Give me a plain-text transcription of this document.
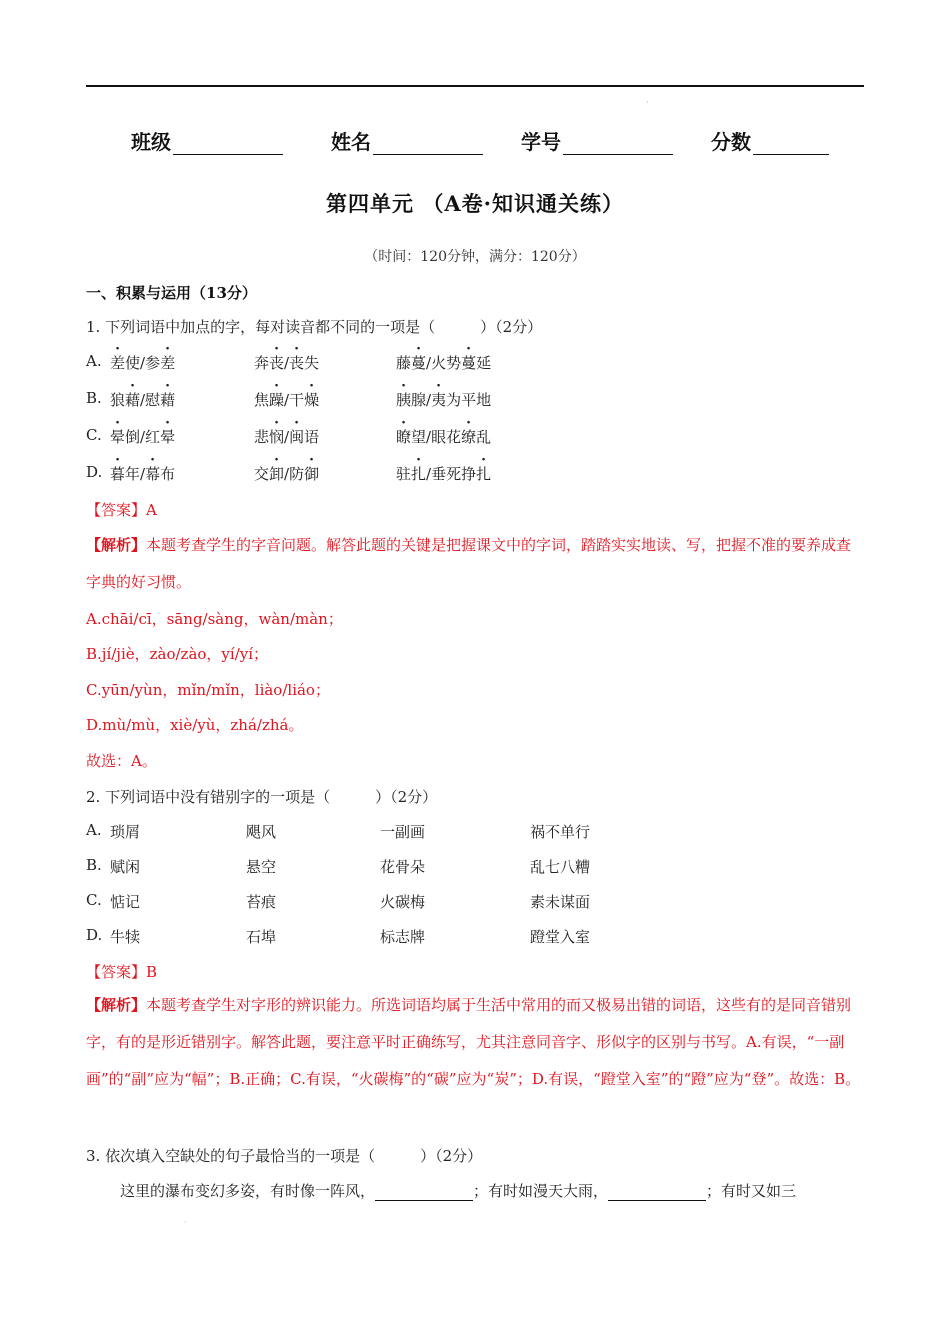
·
班级	姓名	学号	分数
第四单元 （A卷·知识通关练）
（时间：120分钟，满分：120分）
一、积累与运用（13分）
1. 下列词语中加点的字，每对读音都不同的一项是（　　　）（2分）
A. 差使/参差	奔丧/丧失	藤蔓/火势蔓延
B. 狼藉/慰藉	焦躁/干燥	胰腺/夷为平地
C. 晕倒/红晕	悲悯/闽语	瞭望/眼花缭乱
D. 暮年/幕布	交卸/防御	驻扎/垂死挣扎
【答案】A
【解析】本题考查学生的字音问题。解答此题的关键是把握课文中的字词，踏踏实实地读、写，把握不准的要养成查字典的好习惯。
A.chāi/cī，sāng/sàng，wàn/màn；
B.jí/jiè，zào/zào，yí/yí；
C.yūn/yùn，mǐn/mǐn，liào/liáo；
D.mù/mù，xiè/yù，zhá/zhá。
故选：A。
2. 下列词语中没有错别字的一项是（　　　）（2分）
A. 琐屑	飓风	一副画	祸不单行
B. 赋闲	悬空	花骨朵	乱七八糟
C. 惦记	苔痕	火碳梅	素未谋面
D. 牛犊	石埠	标志牌	蹬堂入室
【答案】B
【解析】本题考查学生对字形的辨识能力。所选词语均属于生活中常用的而又极易出错的词语，这些有的是同音错别字，有的是形近错别字。解答此题，要注意平时正确练写，尤其注意同音字、形似字的区别与书写。A.有误，“一副画”的“副”应为“幅”；B.正确；C.有误，“火碳梅”的“碳”应为“炭”；D.有误，“蹬堂入室”的“蹬”应为“登”。故选：B。
3. 依次填入空缺处的句子最恰当的一项是（　　　）（2分）
这里的瀑布变幻多姿，有时像一阵风，	；有时如漫天大雨，	；有时又如三
·
